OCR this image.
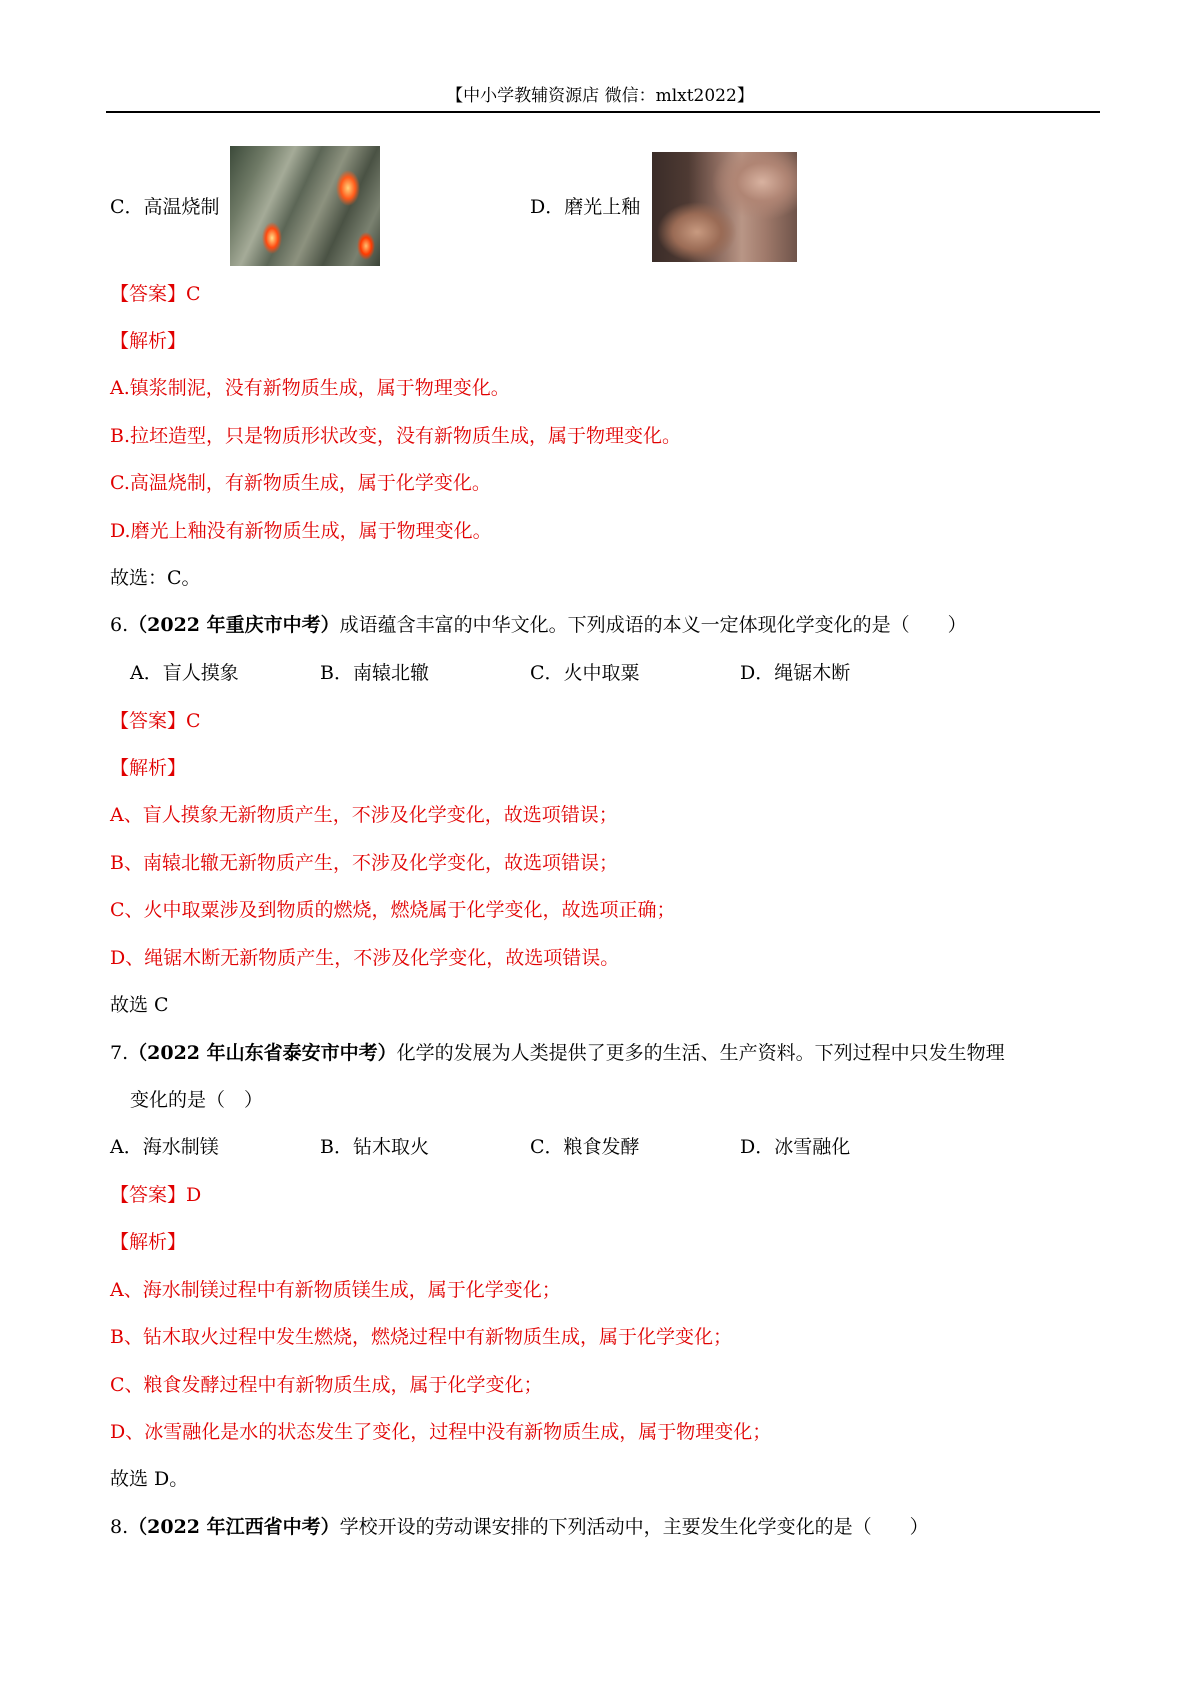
【中小学教辅资源店 微信：mlxt2022】
C．高温烧制	D．磨光上釉
【答案】C
【解析】
A.镇浆制泥，没有新物质生成，属于物理变化。
B.拉坯造型，只是物质形状改变，没有新物质生成，属于物理变化。
C.高温烧制，有新物质生成，属于化学变化。
D.磨光上釉没有新物质生成，属于物理变化。
故选：C。
6.（2022 年重庆市中考）成语蕴含丰富的中华文化。下列成语的本义一定体现化学变化的是（　　）
A．盲人摸象	B．南辕北辙	C．火中取粟	D．绳锯木断
【答案】C
【解析】
A、盲人摸象无新物质产生，不涉及化学变化，故选项错误；
B、南辕北辙无新物质产生，不涉及化学变化，故选项错误；
C、火中取粟涉及到物质的燃烧，燃烧属于化学变化，故选项正确；
D、绳锯木断无新物质产生，不涉及化学变化，故选项错误。
故选 C
7.（2022 年山东省泰安市中考）化学的发展为人类提供了更多的生活、生产资料。下列过程中只发生物理
变化的是（　）
A．海水制镁	B．钻木取火	C．粮食发酵	D．冰雪融化
【答案】D
【解析】
A、海水制镁过程中有新物质镁生成，属于化学变化；
B、钻木取火过程中发生燃烧，燃烧过程中有新物质生成，属于化学变化；
C、粮食发酵过程中有新物质生成，属于化学变化；
D、冰雪融化是水的状态发生了变化，过程中没有新物质生成，属于物理变化；
故选 D。
8.（2022 年江西省中考）学校开设的劳动课安排的下列活动中，主要发生化学变化的是（　　）
